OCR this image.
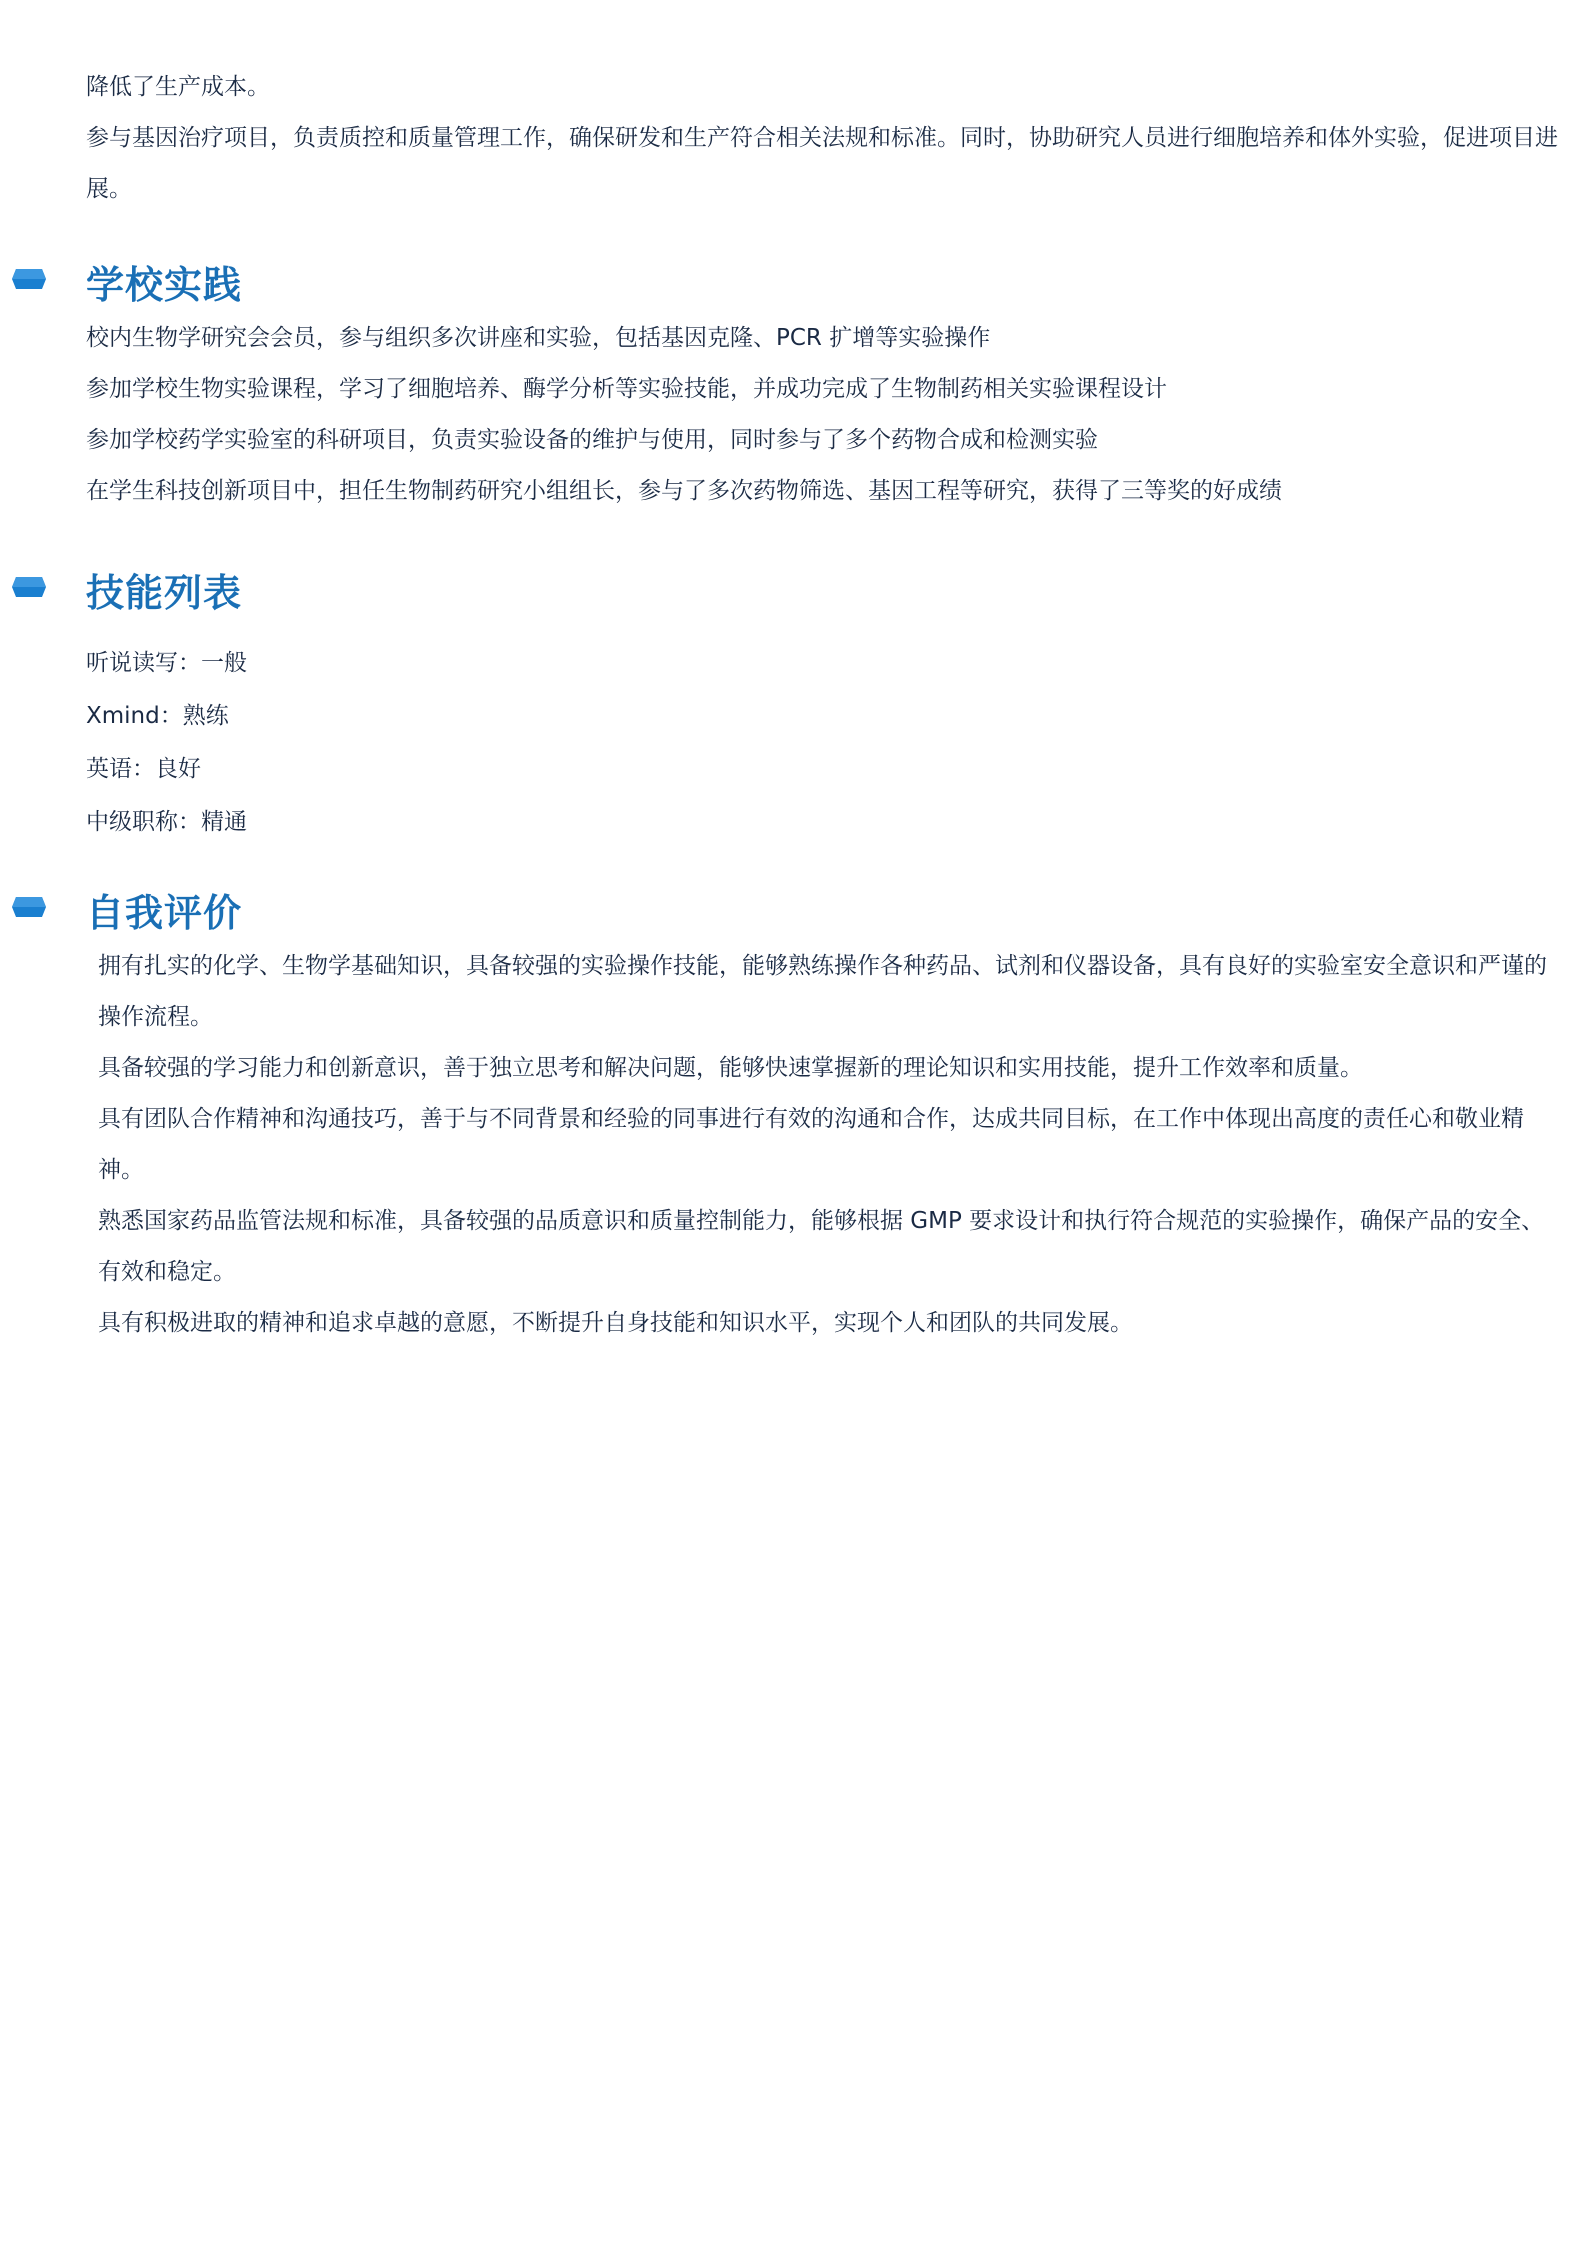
降低了生产成本。

参与基因治疗项目，负责质控和质量管理工作，确保研发和生产符合相关法规和标准。同时，协助研究人员进行细胞培养和体外实验，促进项目进展。

学校实践

校内生物学研究会会员，参与组织多次讲座和实验，包括基因克隆、PCR 扩增等实验操作

参加学校生物实验课程，学习了细胞培养、酶学分析等实验技能，并成功完成了生物制药相关实验课程设计

参加学校药学实验室的科研项目，负责实验设备的维护与使用，同时参与了多个药物合成和检测实验

在学生科技创新项目中，担任生物制药研究小组组长，参与了多次药物筛选、基因工程等研究，获得了三等奖的好成绩

技能列表

听说读写：一般

Xmind：熟练

英语：良好

中级职称：精通

自我评价

拥有扎实的化学、生物学基础知识，具备较强的实验操作技能，能够熟练操作各种药品、试剂和仪器设备，具有良好的实验室安全意识和严谨的操作流程。

具备较强的学习能力和创新意识，善于独立思考和解决问题，能够快速掌握新的理论知识和实用技能，提升工作效率和质量。

具有团队合作精神和沟通技巧，善于与不同背景和经验的同事进行有效的沟通和合作，达成共同目标，在工作中体现出高度的责任心和敬业精神。

熟悉国家药品监管法规和标准，具备较强的品质意识和质量控制能力，能够根据 GMP 要求设计和执行符合规范的实验操作，确保产品的安全、有效和稳定。

具有积极进取的精神和追求卓越的意愿，不断提升自身技能和知识水平，实现个人和团队的共同发展。
